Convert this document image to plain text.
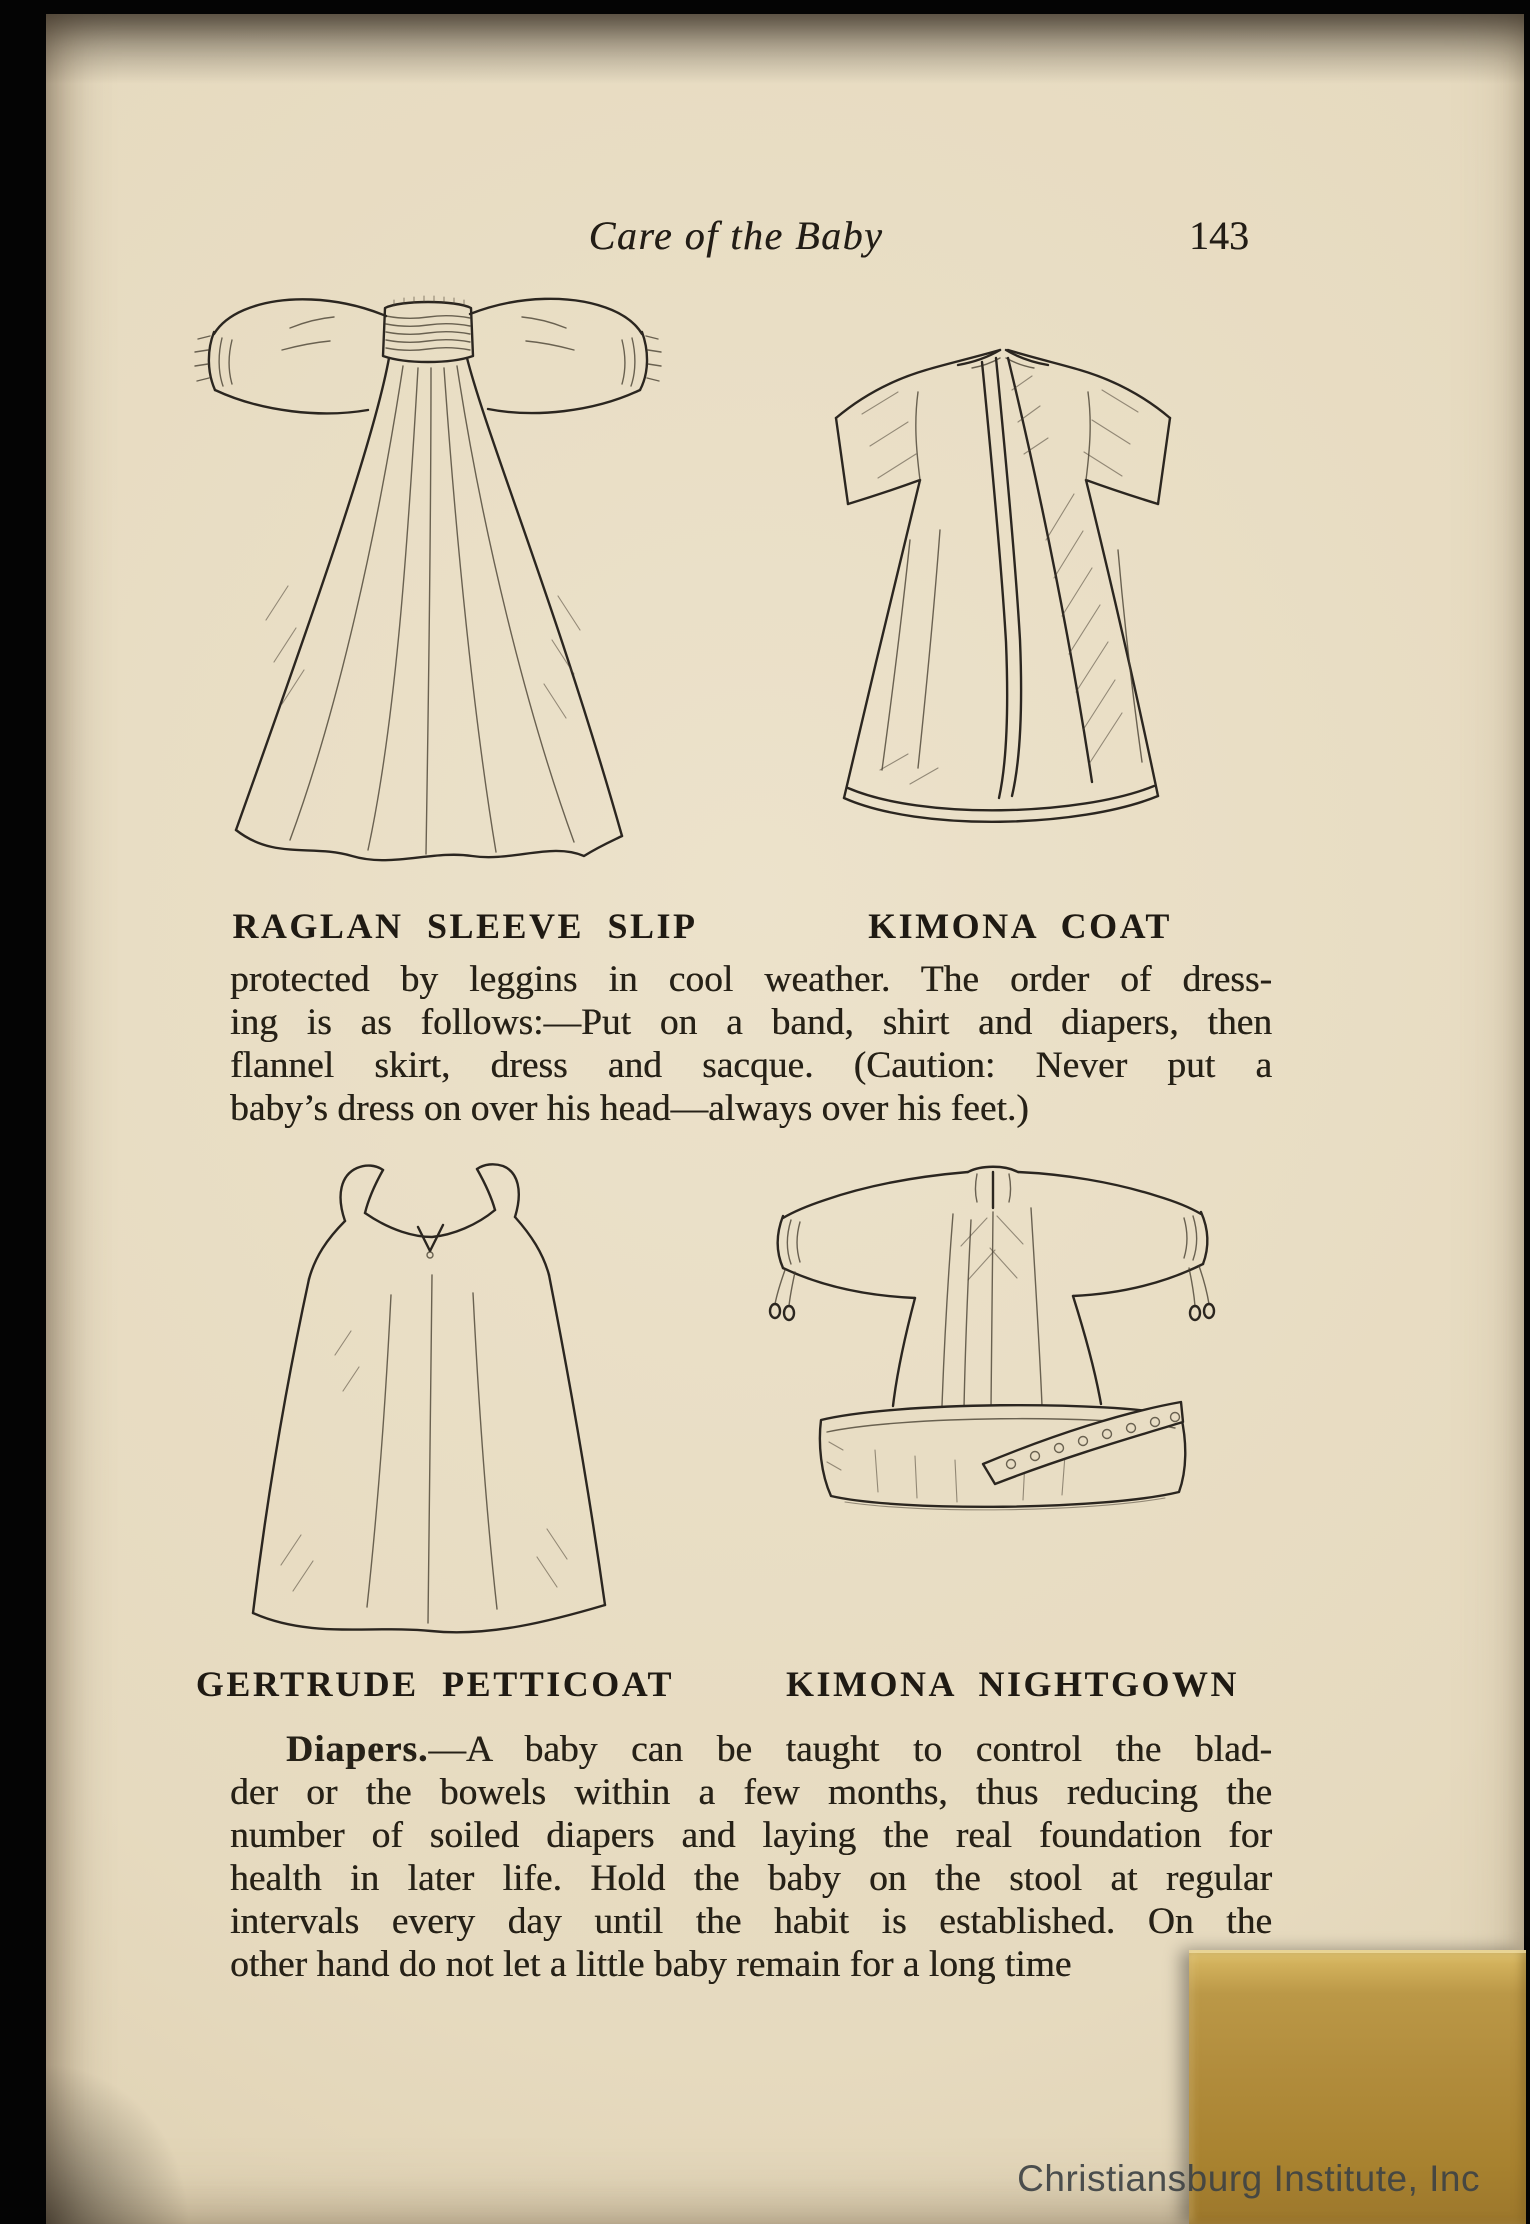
Care of the Baby	143
RAGLAN SLEEVE SLIP	KIMONA COAT
protected by leggins in cool weather. The order of dress-
ing is as follows:—Put on a band, shirt and diapers, then
flannel skirt, dress and sacque. (Caution: Never put a
baby’s dress on over his head—always over his feet.)
GERTRUDE PETTICOAT	KIMONA NIGHTGOWN
Diapers.—A baby can be taught to control the blad-
der or the bowels within a few months, thus reducing the
number of soiled diapers and laying the real foundation for
health in later life. Hold the baby on the stool at regular
intervals every day until the habit is established. On the
other hand do not let a little baby remain for a long time
Christiansburg Institute, Inc
